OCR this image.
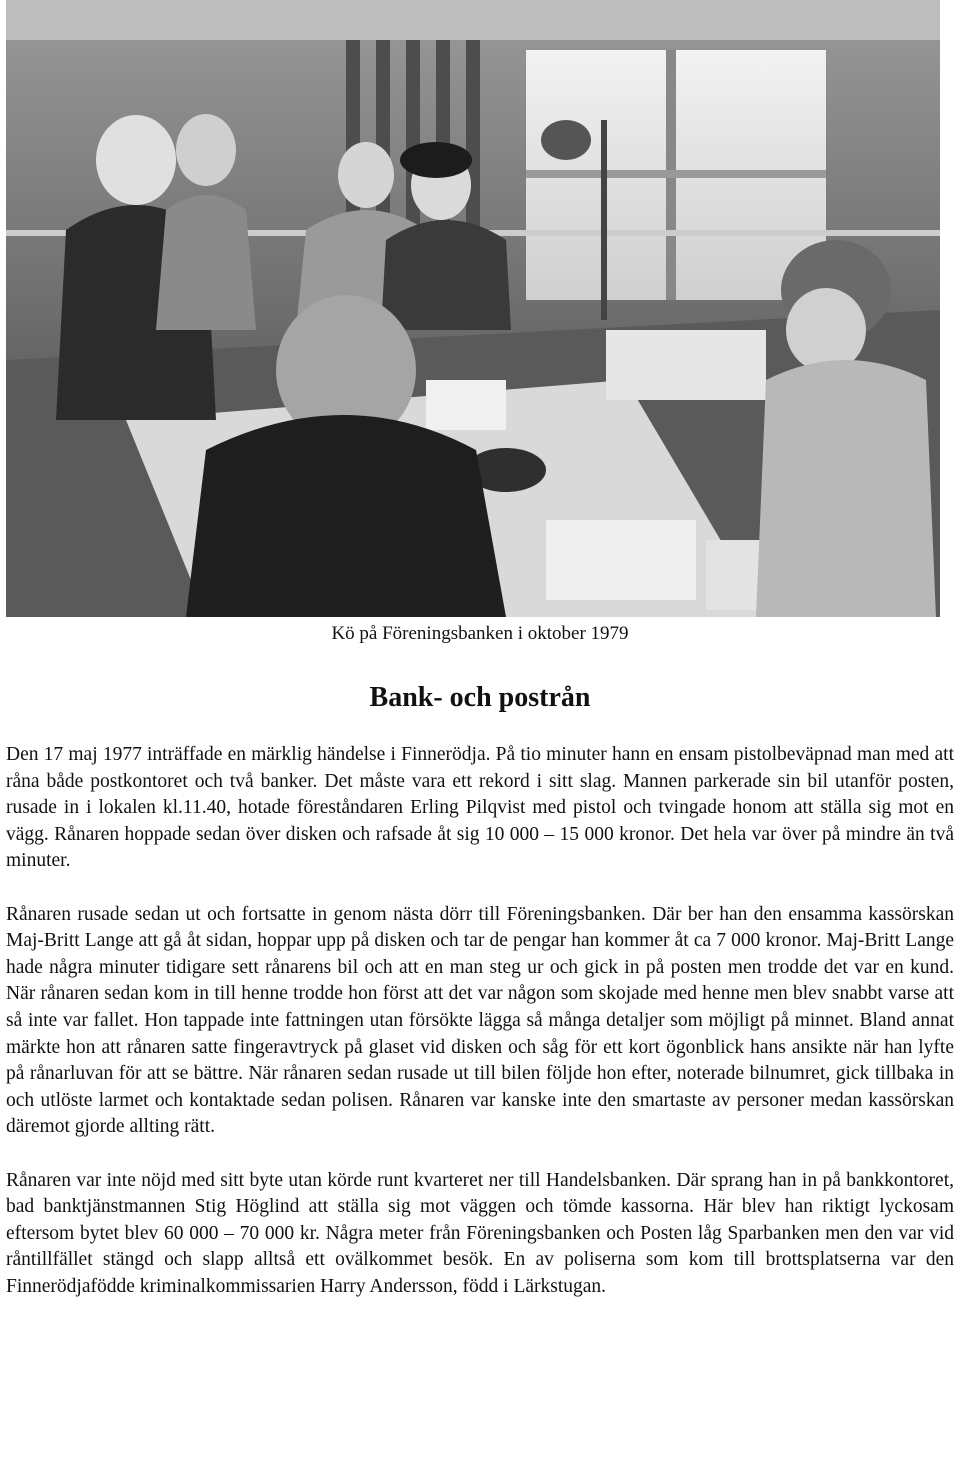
Kö på Föreningsbanken i oktober 1979
Bank- och postrån

Den 17 maj 1977 inträffade en märklig händelse i Finnerödja. På tio minuter hann en ensam pistolbeväpnad man med att råna både postkontoret och två banker. Det måste vara ett rekord i sitt slag. Mannen parkerade sin bil utanför posten, rusade in i lokalen kl.11.40, hotade föreståndaren Erling Pilqvist med pistol och tvingade honom att ställa sig mot en vägg. Rånaren hoppade sedan över disken och rafsade åt sig 10 000 – 15 000 kronor. Det hela var över på mindre än två minuter.

Rånaren rusade sedan ut och fortsatte in genom nästa dörr till Föreningsbanken. Där ber han den ensamma kassörskan Maj-Britt Lange att gå åt sidan, hoppar upp på disken och tar de pengar han kommer åt ca 7 000 kronor. Maj-Britt Lange hade några minuter tidigare sett rånarens bil och att en man steg ur och gick in på posten men trodde det var en kund. När rånaren sedan kom in till henne trodde hon först att det var någon som skojade med henne men blev snabbt varse att så inte var fallet. Hon tappade inte fattningen utan försökte lägga så många detaljer som möjligt på minnet. Bland annat märkte hon att rånaren satte fingeravtryck på glaset vid disken och såg för ett kort ögonblick hans ansikte när han lyfte på rånarluvan för att se bättre. När rånaren sedan rusade ut till bilen följde hon efter, noterade bilnumret, gick tillbaka in och utlöste larmet och kontaktade sedan polisen. Rånaren var kanske inte den smartaste av personer medan kassörskan däremot gjorde allting rätt.

Rånaren var inte nöjd med sitt byte utan körde runt kvarteret ner till Handelsbanken. Där sprang han in på bankkontoret, bad banktjänstmannen Stig Höglind att ställa sig mot väggen och tömde kassorna. Här blev han riktigt lyckosam eftersom bytet blev 60 000 – 70 000 kr. Några meter från Föreningsbanken och Posten låg Sparbanken men den var vid råntillfället stängd och slapp alltså ett ovälkommet besök. En av poliserna som kom till brottsplatserna var den Finnerödjafödde kriminalkommissarien Harry Andersson, född i Lärkstugan.
